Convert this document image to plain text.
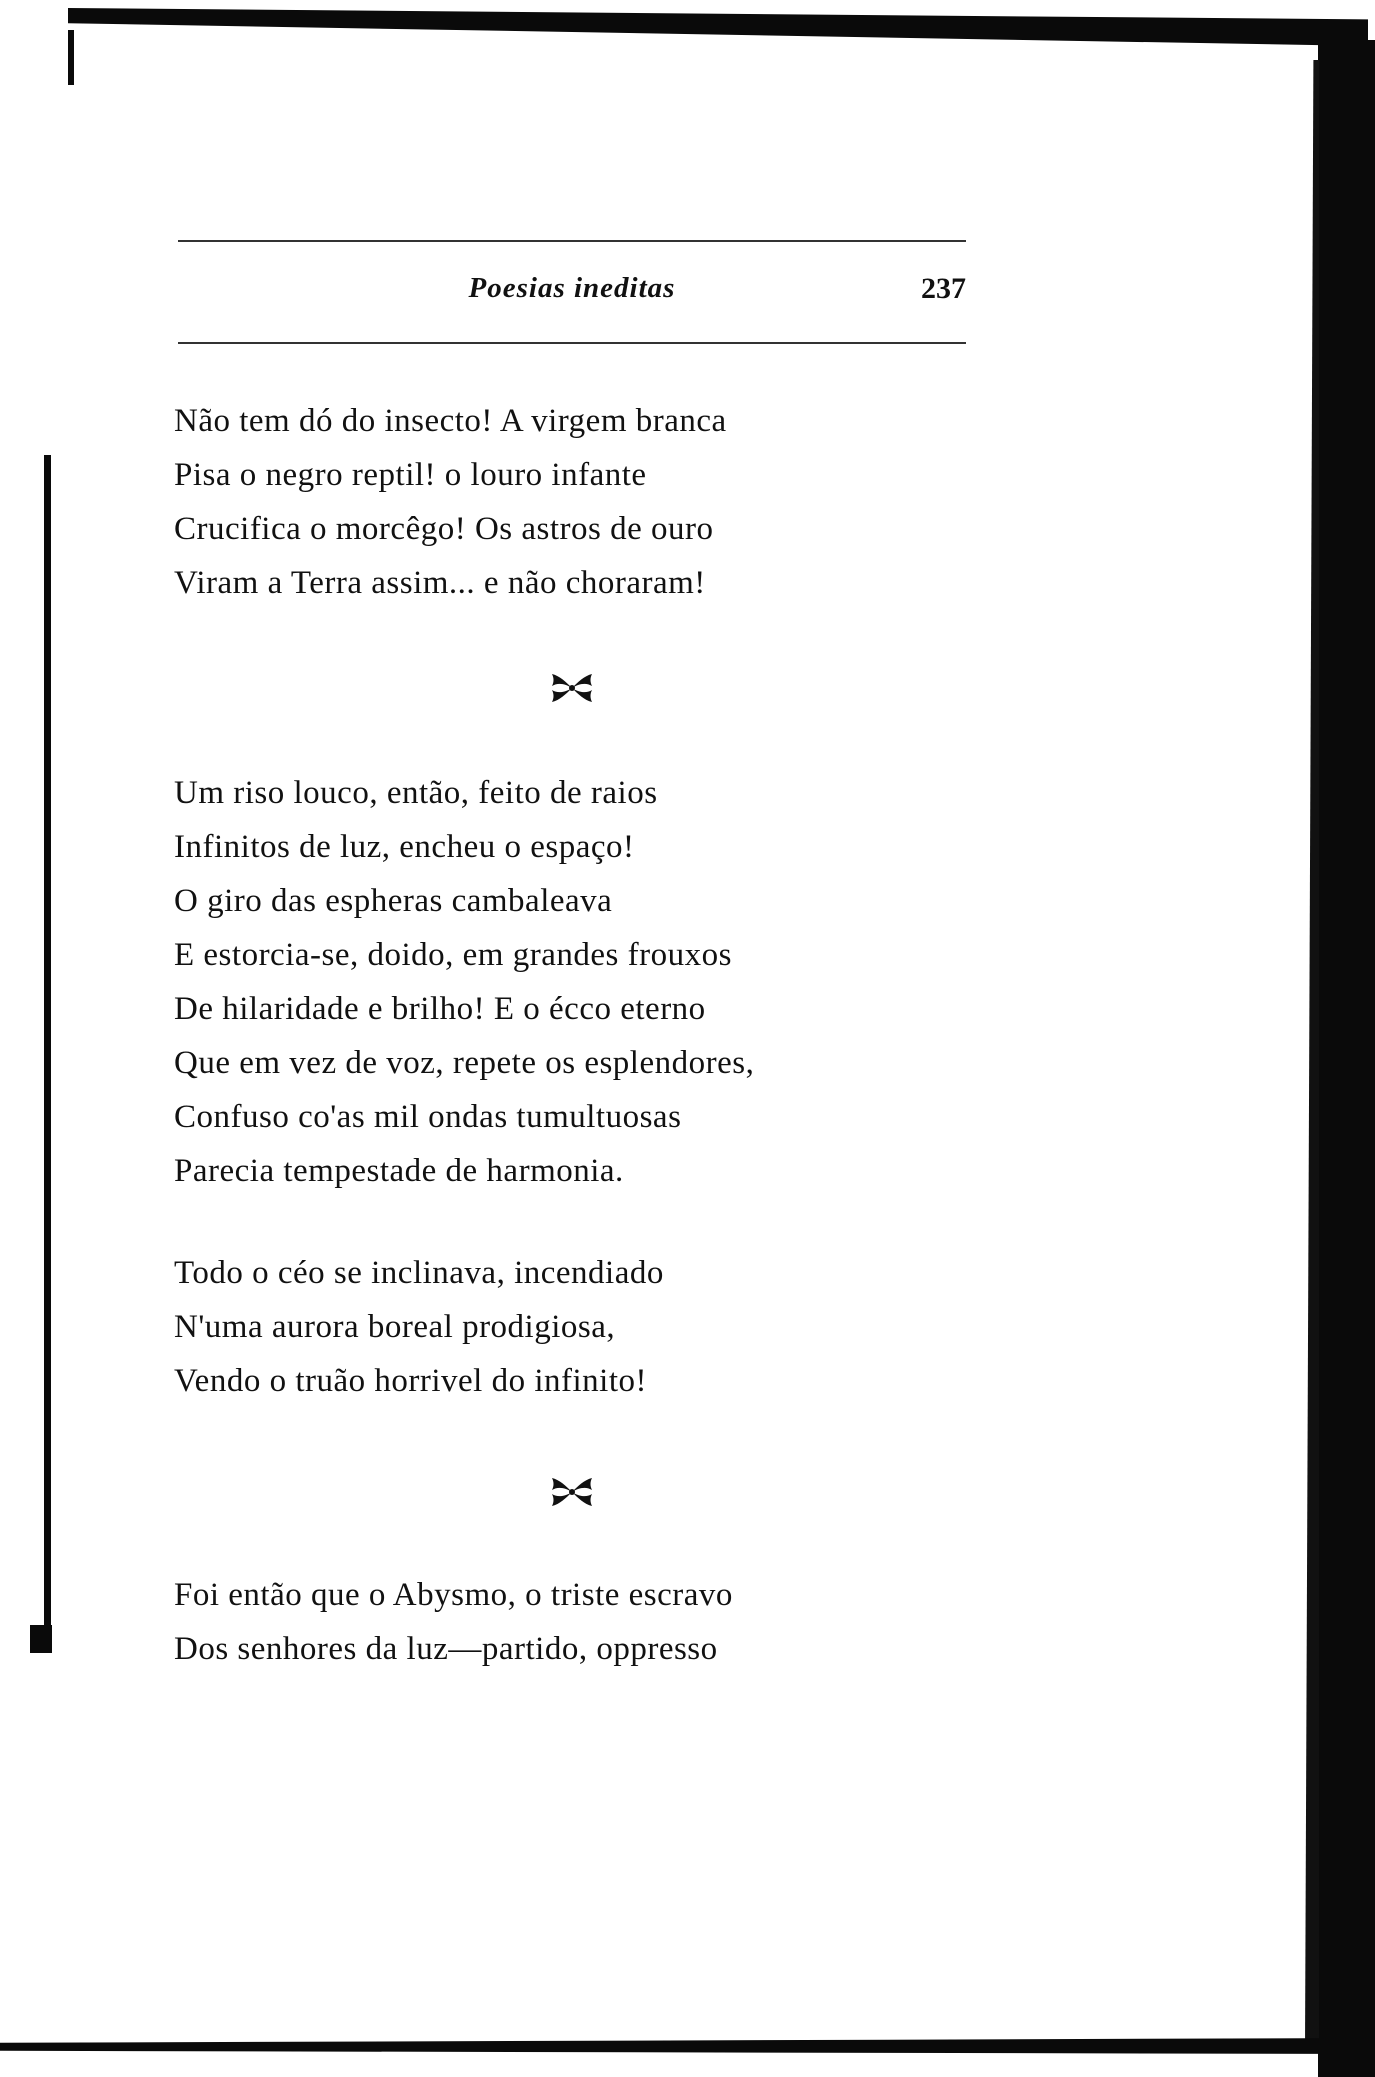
Poesias ineditas	237
Não tem dó do insecto! A virgem branca
Pisa o negro reptil! o louro infante
Crucifica o morcêgo! Os astros de ouro
Viram a Terra assim... e não choraram!
Um riso louco, então, feito de raios
Infinitos de luz, encheu o espaço!
O giro das espheras cambaleava
E estorcia-se, doido, em grandes frouxos
De hilaridade e brilho! E o écco eterno
Que em vez de voz, repete os esplendores,
Confuso co'as mil ondas tumultuosas
Parecia tempestade de harmonia.
Todo o céo se inclinava, incendiado
N'uma aurora boreal prodigiosa,
Vendo o truão horrivel do infinito!
Foi então que o Abysmo, o triste escravo
Dos senhores da luz—partido, oppresso
